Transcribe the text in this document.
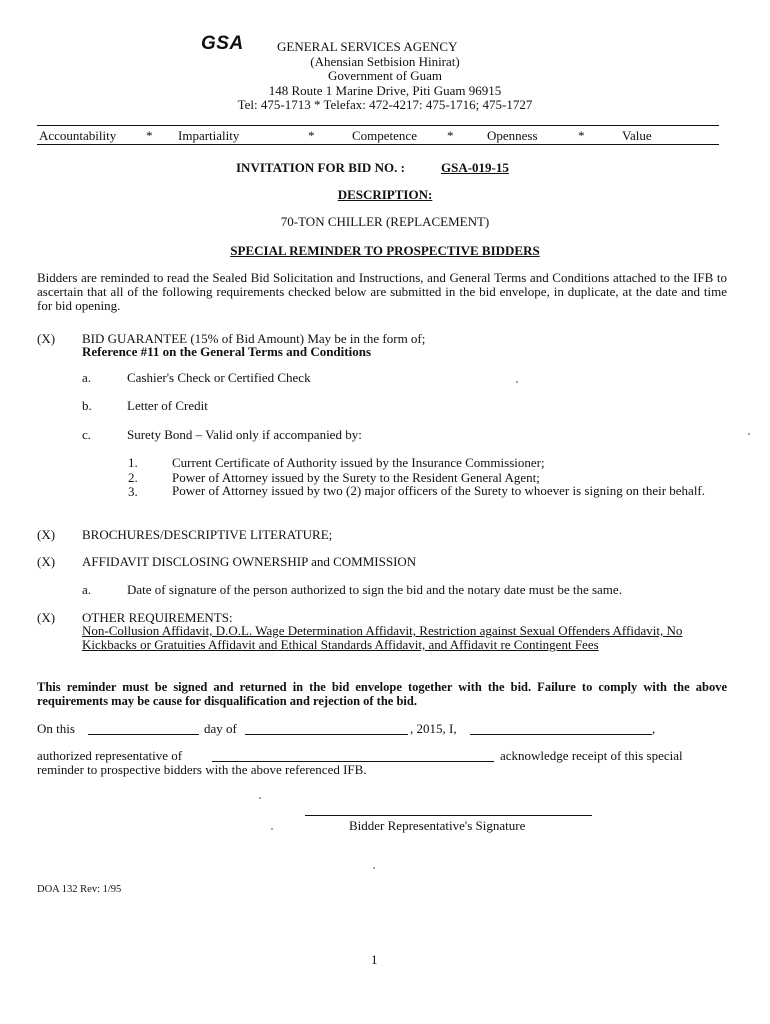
GSA	GENERAL SERVICES AGENCY
(Ahensian Setbision Hinirat)
Government of Guam
148 Route 1 Marine Drive, Piti Guam 96915
Tel: 475-1713 * Telefax: 472-4217: 475-1716; 475-1727
Accountability * Impartiality	*	Competence *	Openness	*	Value
INVITATION FOR BID NO. :	GSA-019-15
DESCRIPTION:
70-TON CHILLER (REPLACEMENT)
SPECIAL REMINDER TO PROSPECTIVE BIDDERS
Bidders are reminded to read the Sealed Bid Solicitation and Instructions, and General Terms and Conditions attached to the IFB to ascertain that all of the following requirements checked below are submitted in the bid envelope, in duplicate, at the date and time for bid opening.
(X) BID GUARANTEE (15% of Bid Amount) May be in the form of;
Reference #11 on the General Terms and Conditions
a.	Cashier's Check or Certified Check
b.	Letter of Credit
c.	Surety Bond – Valid only if accompanied by:
1.	Current Certificate of Authority issued by the Insurance Commissioner;
2.	Power of Attorney issued by the Surety to the Resident General Agent;
3.	Power of Attorney issued by two (2) major officers of the Surety to whoever is signing on their behalf.
(X) BROCHURES/DESCRIPTIVE LITERATURE;
(X) AFFIDAVIT DISCLOSING OWNERSHIP and COMMISSION
a.	Date of signature of the person authorized to sign the bid and the notary date must be the same.
(X) OTHER REQUIREMENTS:
Non-Collusion Affidavit, D.O.L. Wage Determination Affidavit, Restriction against Sexual Offenders Affidavit, No Kickbacks or Gratuities Affidavit and Ethical Standards Affidavit, and Affidavit re Contingent Fees
This reminder must be signed and returned in the bid envelope together with the bid. Failure to comply with the above requirements may be cause for disqualification and rejection of the bid.
On this	day of	, 2015, I,	,
authorized representative of	acknowledge receipt of this special
reminder to prospective bidders with the above referenced IFB.
Bidder Representative's Signature
DOA 132 Rev: 1/95
1
